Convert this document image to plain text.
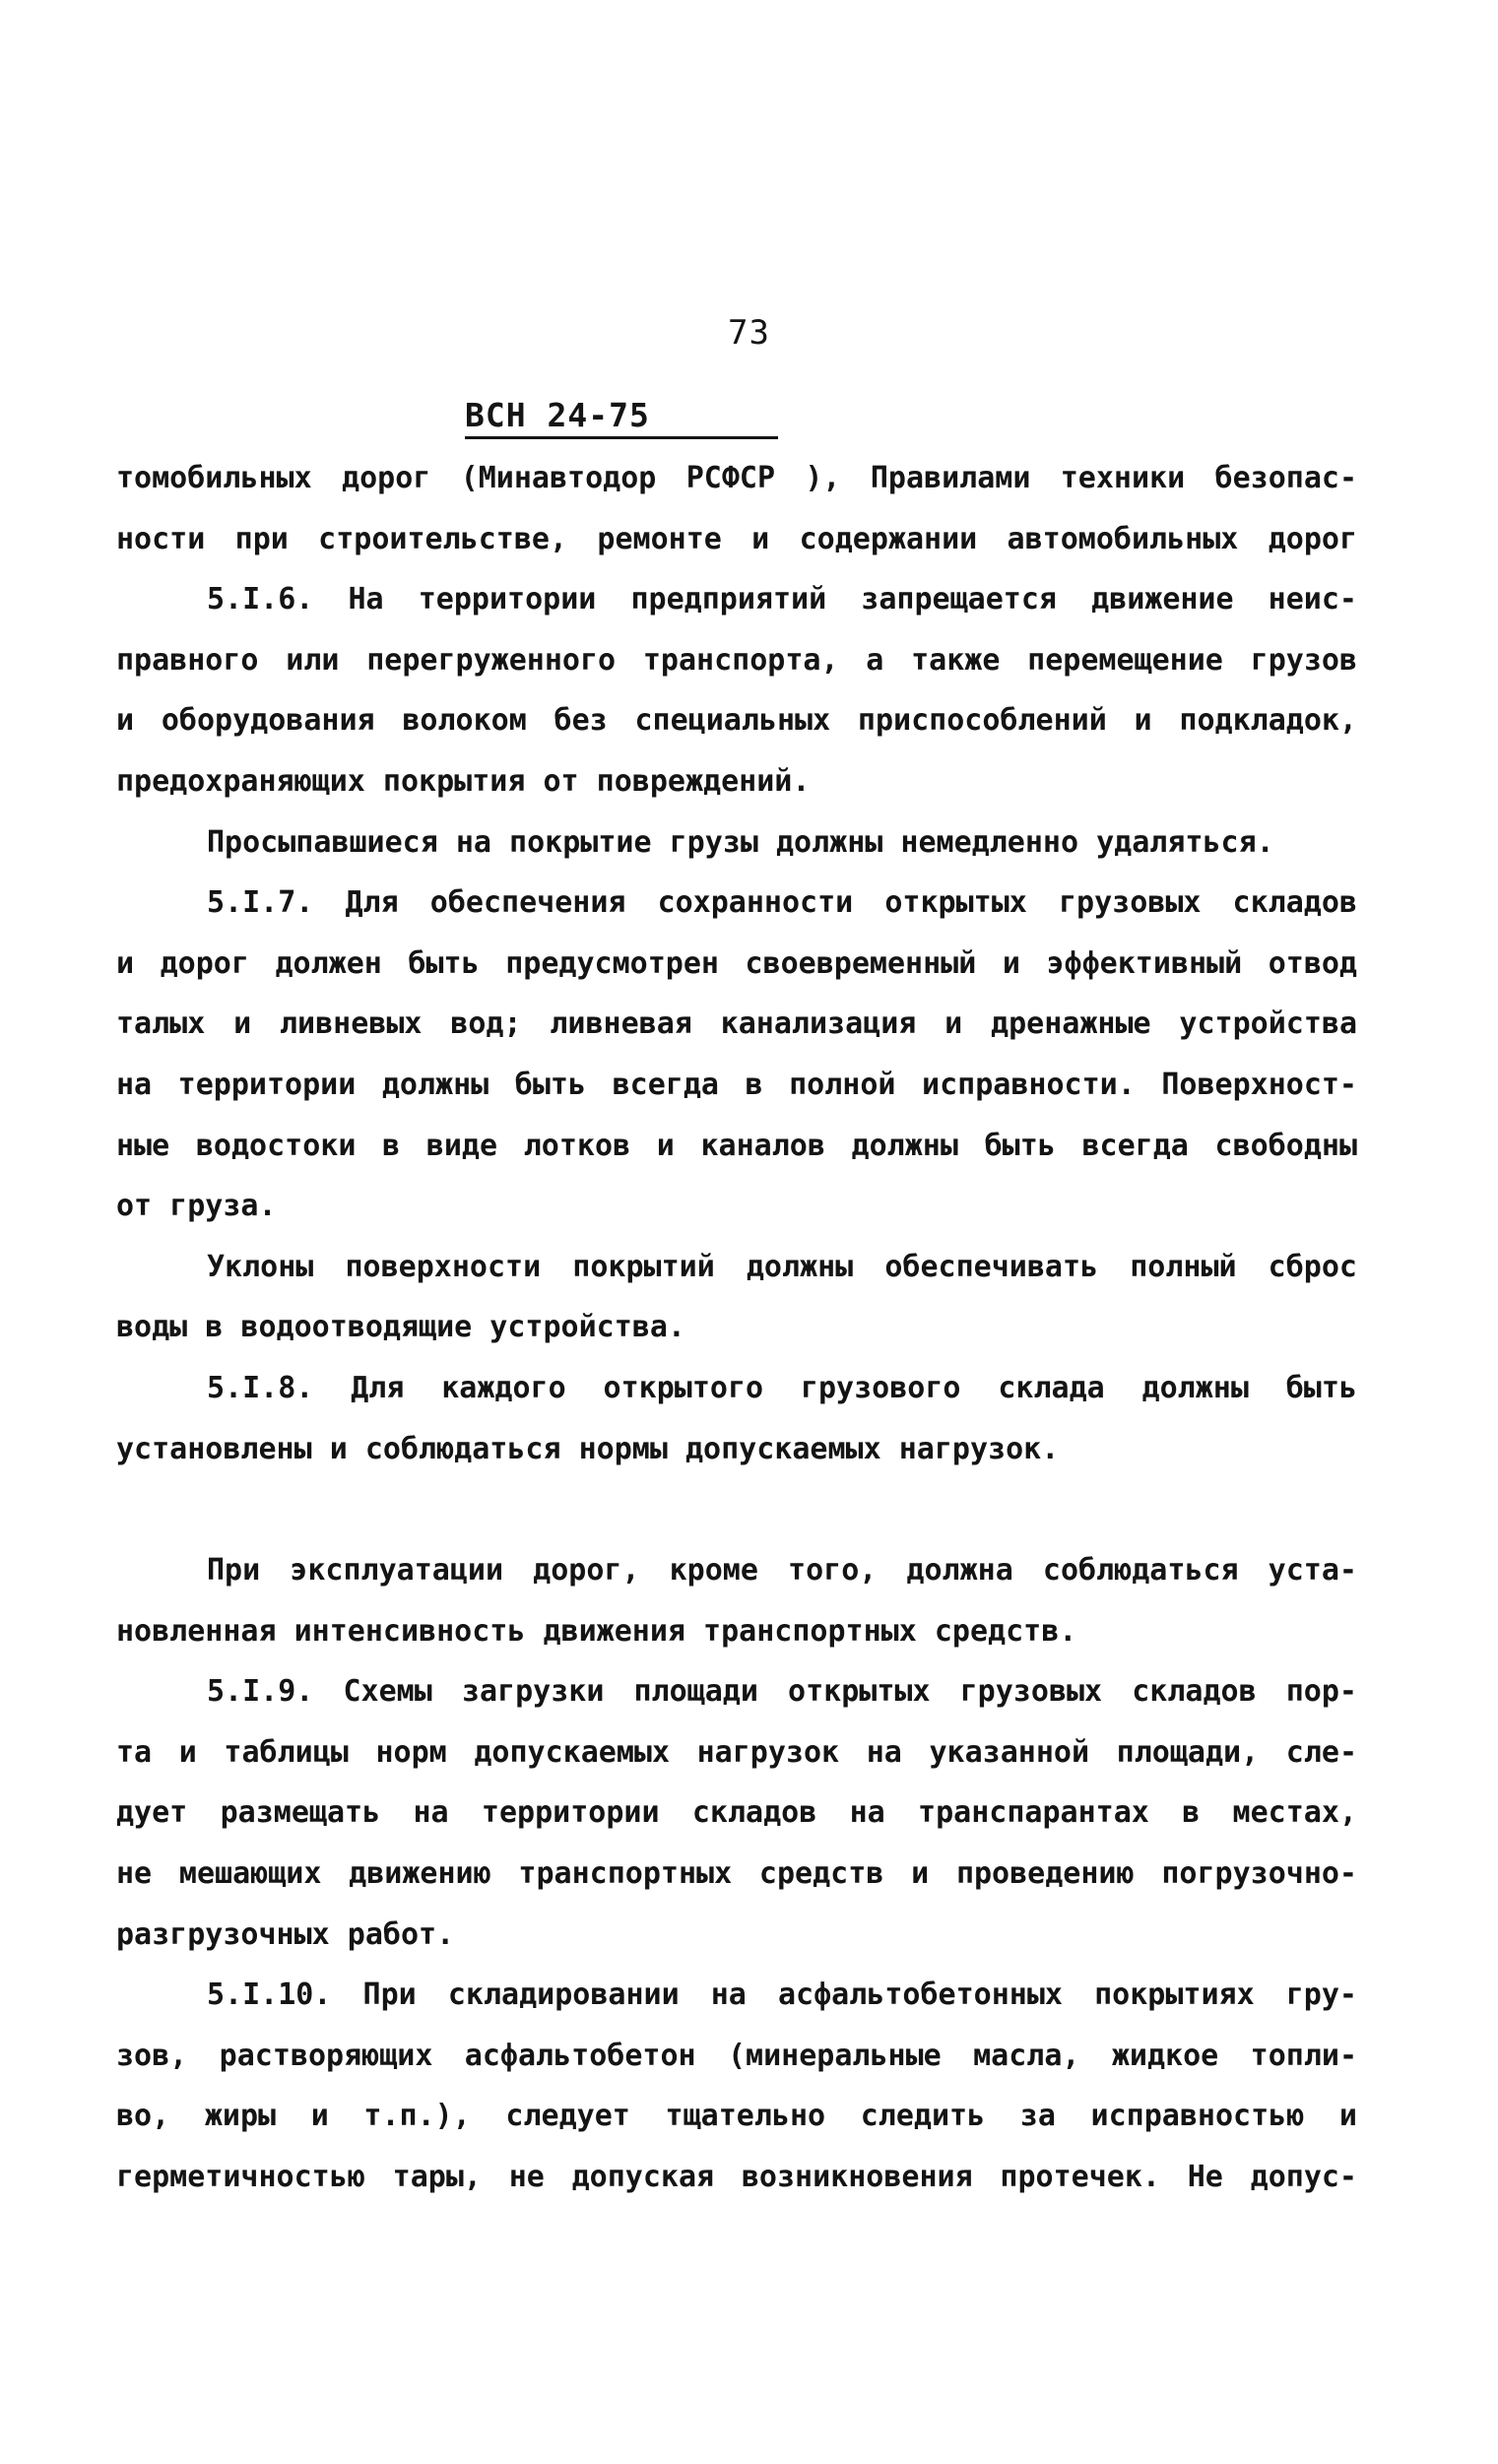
73
ВСН 24-75
томобильных дорог (Минавтодор РСФСР ), Правилами техники безопас-
ности при строительстве, ремонте и содержании автомобильных дорог
5.I.6. На территории предприятий запрещается движение неис-
правного или перегруженного транспорта, а также перемещение грузов
и оборудования волоком без специальных приспособлений и подкладок,
предохраняющих покрытия от повреждений.
Просыпавшиеся на покрытие грузы должны немедленно удаляться.
5.I.7. Для обеспечения сохранности открытых грузовых складов
и дорог должен быть предусмотрен своевременный и эффективный отвод
талых и ливневых вод; ливневая канализация и дренажные устройства
на территории должны быть всегда в полной исправности. Поверхност-
ные водостоки в виде лотков и каналов должны быть всегда свободны
от груза.
Уклоны поверхности покрытий должны обеспечивать полный сброс
воды в водоотводящие устройства.
5.I.8. Для каждого открытого грузового склада должны быть
установлены и соблюдаться нормы допускаемых нагрузок.
При эксплуатации дорог, кроме того, должна соблюдаться уста-
новленная интенсивность движения транспортных средств.
5.I.9. Схемы загрузки площади открытых грузовых складов пор-
та и таблицы норм допускаемых нагрузок на указанной площади, сле-
дует размещать на территории складов на транспарантах в местах,
не мешающих движению транспортных средств и проведению погрузочно-
разгрузочных работ.
5.I.10. При складировании на асфальтобетонных покрытиях гру-
зов, растворяющих асфальтобетон (минеральные масла, жидкое топли-
во, жиры и т.п.), следует тщательно следить за исправностью и
герметичностью тары, не допуская возникновения протечек. Не допус-
